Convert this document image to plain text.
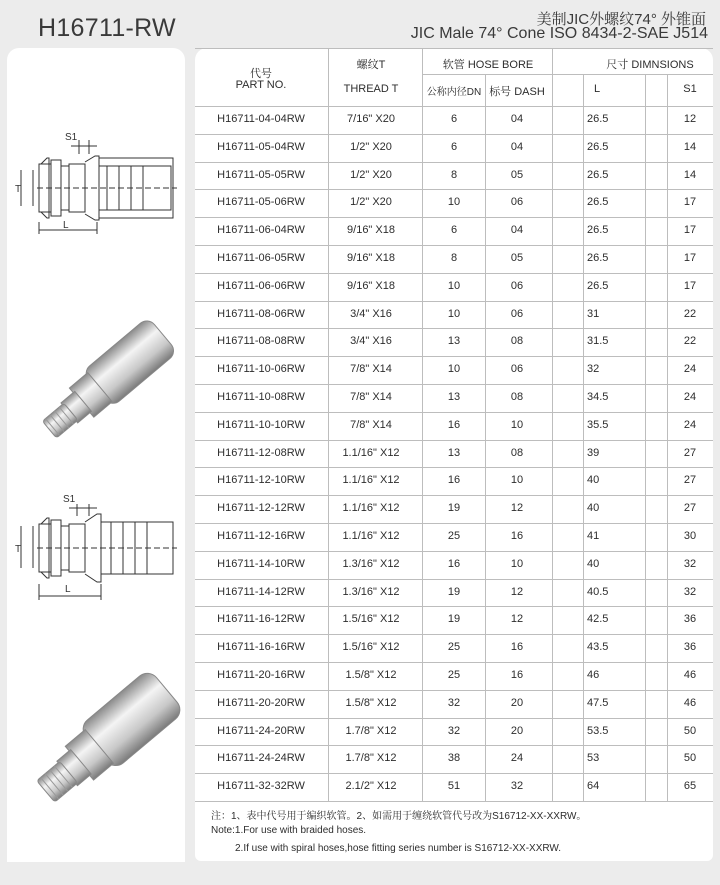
H16711-RW	美制JIC外螺纹74° 外锥面
JIC Male 74° Cone ISO 8434-2-SAE J514
S1
T
L
S1
T
L
代号
PART NO.
螺纹T
THREAD T
软管 HOSE BORE
公称内径DN 标号 DASH
尺寸 DIMNSIONS
L	S1
H16711-04-04RW	7/16" X20	6	04	26.5	12
H16711-05-04RW	1/2" X20	6	04	26.5	14
H16711-05-05RW	1/2" X20	8	05	26.5	14
H16711-05-06RW	1/2" X20	10	06	26.5	17
H16711-06-04RW	9/16" X18	6	04	26.5	17
H16711-06-05RW	9/16" X18	8	05	26.5	17
H16711-06-06RW	9/16" X18	10	06	26.5	17
H16711-08-06RW	3/4" X16	10	06	31	22
H16711-08-08RW	3/4" X16	13	08	31.5	22
H16711-10-06RW	7/8" X14	10	06	32	24
H16711-10-08RW	7/8" X14	13	08	34.5	24
H16711-10-10RW	7/8" X14	16	10	35.5	24
H16711-12-08RW	1.1/16" X12	13	08	39	27
H16711-12-10RW	1.1/16" X12	16	10	40	27
H16711-12-12RW	1.1/16" X12	19	12	40	27
H16711-12-16RW	1.1/16" X12	25	16	41	30
H16711-14-10RW	1.3/16" X12	16	10	40	32
H16711-14-12RW	1.3/16" X12	19	12	40.5	32
H16711-16-12RW	1.5/16" X12	19	12	42.5	36
H16711-16-16RW	1.5/16" X12	25	16	43.5	36
H16711-20-16RW	1.5/8" X12	25	16	46	46
H16711-20-20RW	1.5/8" X12	32	20	47.5	46
H16711-24-20RW	1.7/8" X12	32	20	53.5	50
H16711-24-24RW	1.7/8" X12	38	24	53	50
H16711-32-32RW	2.1/2" X12	51	32	64	65
注：1、表中代号用于编织软管。2、如需用于缠绕软管代号改为S16712-XX-XXRW。
Note:1.For use with braided hoses.
2.If use with spiral hoses,hose fitting series number is S16712-XX-XXRW.
